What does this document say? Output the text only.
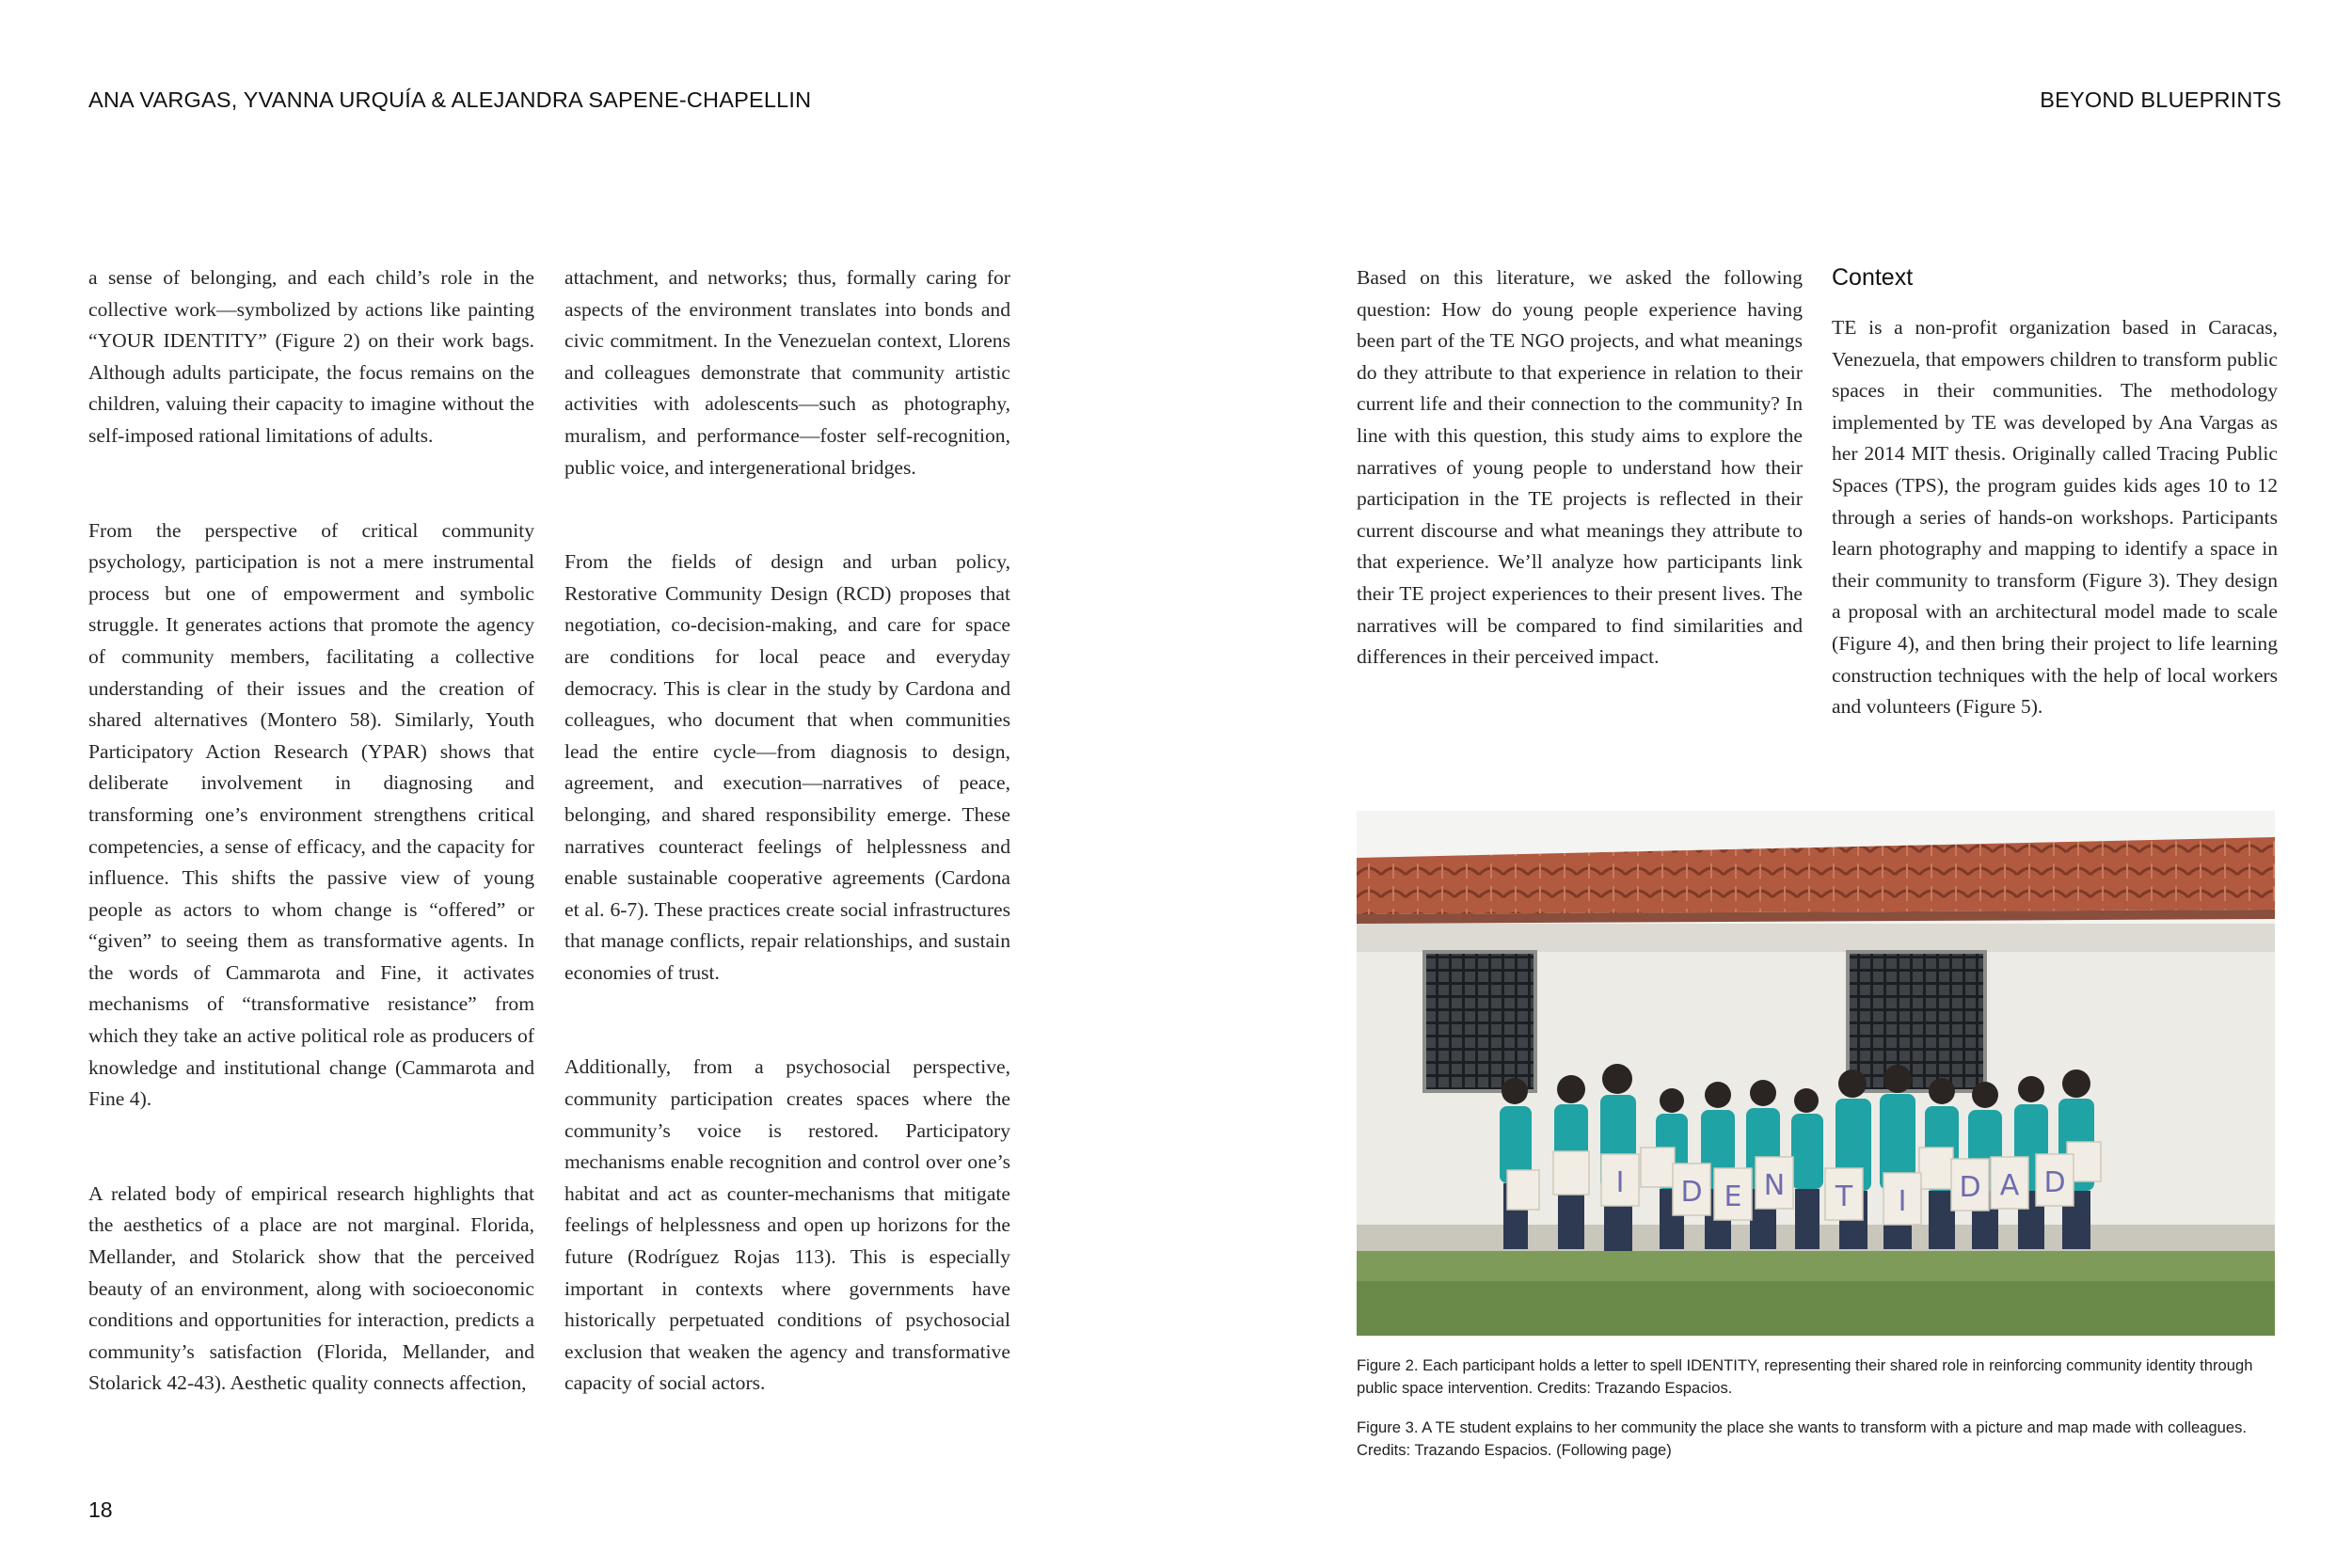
ANA VARGAS, YVANNA URQUÍA & ALEJANDRA SAPENE-CHAPELLIN	BEYOND BLUEPRINTS

a sense of belonging, and each child’s role in the collective work—symbolized by actions like painting “YOUR IDENTITY” (Figure 2) on their work bags. Although adults participate, the focus remains on the children, valuing their capacity to imagine without the self-imposed rational limitations of adults.

From the perspective of critical community psychology, participation is not a mere instrumental process but one of empowerment and symbolic struggle. It generates actions that promote the agency of community members, facilitating a collective understanding of their issues and the creation of shared alternatives (Montero 58). Similarly, Youth Participatory Action Research (YPAR) shows that deliberate involvement in diagnosing and transforming one’s environment strengthens critical competencies, a sense of efficacy, and the capacity for influence. This shifts the passive view of young people as actors to whom change is “offered” or “given” to seeing them as transformative agents. In the words of Cammarota and Fine, it activates mechanisms of “transformative resistance” from which they take an active political role as producers of knowledge and institutional change (Cammarota and Fine 4).

A related body of empirical research highlights that the aesthetics of a place are not marginal. Florida, Mellander, and Stolarick show that the perceived beauty of an environment, along with socioeconomic conditions and opportunities for interaction, predicts a community’s satisfaction (Florida, Mellander, and Stolarick 42-43). Aesthetic quality connects affection,

attachment, and networks; thus, formally caring for aspects of the environment translates into bonds and civic commitment. In the Venezuelan context, Llorens and colleagues demonstrate that community artistic activities with adolescents—such as photography, muralism, and performance—foster self-recognition, public voice, and intergenerational bridges.

From the fields of design and urban policy, Restorative Community Design (RCD) proposes that negotiation, co-decision-making, and care for space are conditions for local peace and everyday democracy. This is clear in the study by Cardona and colleagues, who document that when communities lead the entire cycle—from diagnosis to design, agreement, and execution—narratives of peace, belonging, and shared responsibility emerge. These narratives counteract feelings of helplessness and enable sustainable cooperative agreements (Cardona et al. 6-7). These practices create social infrastructures that manage conflicts, repair relationships, and sustain economies of trust.

Additionally, from a psychosocial perspective, community participation creates spaces where the community’s voice is restored. Participatory mechanisms enable recognition and control over one’s habitat and act as counter-mechanisms that mitigate feelings of helplessness and open up horizons for the future (Rodríguez Rojas 113). This is especially important in contexts where governments have historically perpetuated conditions of psychosocial exclusion that weaken the agency and transformative capacity of social actors.

18

Based on this literature, we asked the following question: How do young people experience having been part of the TE NGO projects, and what meanings do they attribute to that experience in relation to their current life and their connection to the community? In line with this question, this study aims to explore the narratives of young people to understand how their participation in the TE projects is reflected in their current discourse and what meanings they attribute to that experience. We’ll analyze how participants link their TE project experiences to their present lives. The narratives will be compared to find similarities and differences in their perceived impact.

Context

TE is a non-profit organization based in Caracas, Venezuela, that empowers children to transform public spaces in their communities. The methodology implemented by TE was developed by Ana Vargas as her 2014 MIT thesis. Originally called Tracing Public Spaces (TPS), the program guides kids ages 10 to 12 through a series of hands-on workshops. Participants learn photography and mapping to identify a space in their community to transform (Figure 3). They design a proposal with an architectural model made to scale (Figure 4), and then bring their project to life learning construction techniques with the help of local workers and volunteers (Figure 5).

I D E N T I D A D
Figure 2. Each participant holds a letter to spell IDENTITY, representing their shared role in reinforcing community identity through public space intervention. Credits: Trazando Espacios.
Figure 3. A TE student explains to her community the place she wants to transform with a picture and map made with colleagues. Credits: Trazando Espacios. (Following page)
